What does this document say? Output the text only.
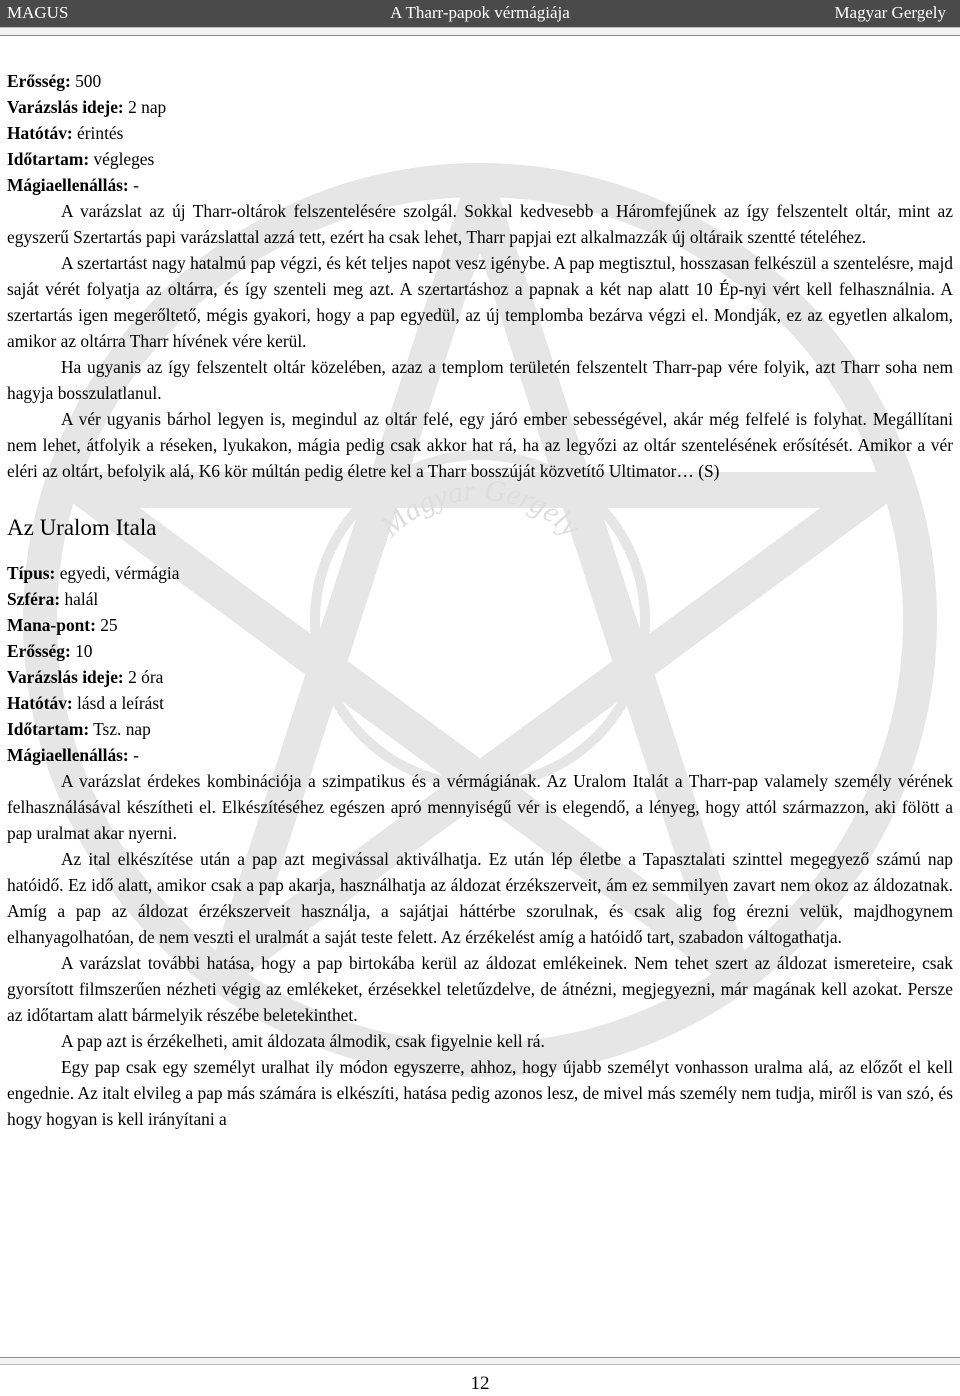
Magyar Gergely
MAGUS	A Tharr-papok vérmágiája	Magyar Gergely
Erősség: 500
Varázslás ideje: 2 nap
Hatótáv: érintés
Időtartam: végleges
Mágiaellenállás: -

A varázslat az új Tharr-oltárok felszentelésére szolgál. Sokkal kedvesebb a Háromfejűnek az így felszentelt oltár, mint az egyszerű Szertartás papi varázslattal azzá tett, ezért ha csak lehet, Tharr papjai ezt alkalmazzák új oltáraik szentté tételéhez.

A szertartást nagy hatalmú pap végzi, és két teljes napot vesz igénybe. A pap megtisztul, hosszasan felkészül a szentelésre, majd saját vérét folyatja az oltárra, és így szenteli meg azt. A szertartáshoz a papnak a két nap alatt 10 Ép-nyi vért kell felhasználnia. A szertartás igen megerőltető, mégis gyakori, hogy a pap egyedül, az új templomba bezárva végzi el. Mondják, ez az egyetlen alkalom, amikor az oltárra Tharr hívének vére kerül.

Ha ugyanis az így felszentelt oltár közelében, azaz a templom területén felszentelt Tharr-pap vére folyik, azt Tharr soha nem hagyja bosszulatlanul.

A vér ugyanis bárhol legyen is, megindul az oltár felé, egy járó ember sebességével, akár még felfelé is folyhat. Megállítani nem lehet, átfolyik a réseken, lyukakon, mágia pedig csak akkor hat rá, ha az legyőzi az oltár szentelésének erősítését. Amikor a vér eléri az oltárt, befolyik alá, K6 kör múltán pedig életre kel a Tharr bosszúját közvetítő Ultimator… (S)

Az Uralom Itala
Típus: egyedi, vérmágia
Szféra: halál
Mana-pont: 25
Erősség: 10
Varázslás ideje: 2 óra
Hatótáv: lásd a leírást
Időtartam: Tsz. nap
Mágiaellenállás: -

A varázslat érdekes kombinációja a szimpatikus és a vérmágiának. Az Uralom Italát a Tharr-pap valamely személy vérének felhasználásával készítheti el. Elkészítéséhez egészen apró mennyiségű vér is elegendő, a lényeg, hogy attól származzon, aki fölött a pap uralmat akar nyerni.

Az ital elkészítése után a pap azt megivással aktiválhatja. Ez után lép életbe a Tapasztalati szinttel megegyező számú nap hatóidő. Ez idő alatt, amikor csak a pap akarja, használhatja az áldozat érzékszerveit, ám ez semmilyen zavart nem okoz az áldozatnak. Amíg a pap az áldozat érzékszerveit használja, a sajátjai háttérbe szorulnak, és csak alig fog érezni velük, majdhogynem elhanyagolhatóan, de nem veszti el uralmát a saját teste felett. Az érzékelést amíg a hatóidő tart, szabadon váltogathatja.

A varázslat további hatása, hogy a pap birtokába kerül az áldozat emlékeinek. Nem tehet szert az áldozat ismereteire, csak gyorsított filmszerűen nézheti végig az emlékeket, érzésekkel teletűzdelve, de átnézni, megjegyezni, már magának kell azokat. Persze az időtartam alatt bármelyik részébe beletekinthet.

A pap azt is érzékelheti, amit áldozata álmodik, csak figyelnie kell rá.

Egy pap csak egy személyt uralhat ily módon egyszerre, ahhoz, hogy újabb személyt vonhasson uralma alá, az előzőt el kell engednie. Az italt elvileg a pap más számára is elkészíti, hatása pedig azonos lesz, de mivel más személy nem tudja, miről is van szó, és hogy hogyan is kell irányítani a

12
